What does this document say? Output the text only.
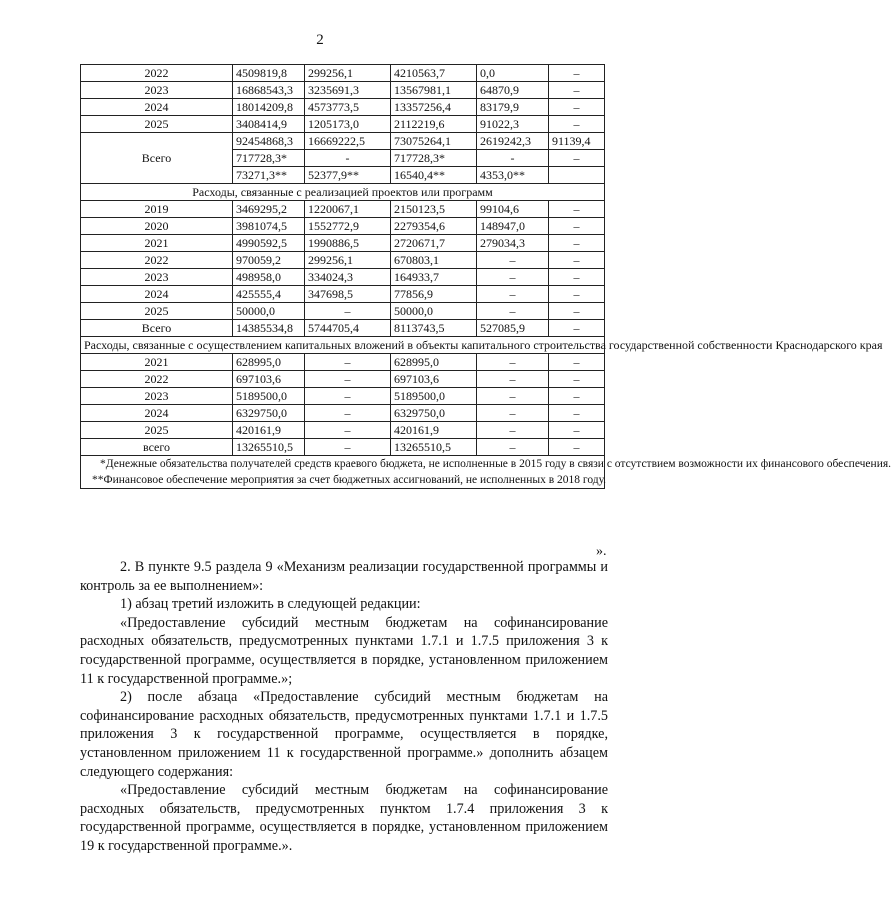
2
2022	4509819,8	299256,1	4210563,7	0,0	–
2023	16868543,3	3235691,3	13567981,1	64870,9	–
2024	18014209,8	4573773,5	13357256,4	83179,9	–
2025	3408414,9	1205173,0	2112219,6	91022,3	–
Всего	92454868,3	16669222,5	73075264,1	2619242,3	91139,4
	717728,3*	-	717728,3*	-	–
	73271,3**	52377,9**	16540,4**	4353,0**	
Расходы, связанные с реализацией проектов или программ					
2019	3469295,2	1220067,1	2150123,5	99104,6	–
2020	3981074,5	1552772,9	2279354,6	148947,0	–
2021	4990592,5	1990886,5	2720671,7	279034,3	–
2022	970059,2	299256,1	670803,1	–	–
2023	498958,0	334024,3	164933,7	–	–
2024	425555,4	347698,5	77856,9	–	–
2025	50000,0	–	50000,0	–	–
Всего	14385534,8	5744705,4	8113743,5	527085,9	–
Расходы, связанные с осуществлением капитальных вложений в объекты капитального строительства государственной собственности Краснодарского края					
2021	628995,0	–	628995,0	–	–
2022	697103,6	–	697103,6	–	–
2023	5189500,0	–	5189500,0	–	–
2024	6329750,0	–	6329750,0	–	–
2025	420161,9	–	420161,9	–	–
всего	13265510,5	–	13265510,5	–	–
*Денежные обязательства получателей средств краевого бюджета, не исполненные в 2015 году в связи с отсутствием возможности их финансового обеспечения.					
**Финансовое обеспечение мероприятия за счет бюджетных ассигнований, не исполненных в 2018 году.					
».

2. В пункте 9.5 раздела 9 «Механизм реализации государственной программы и контроль за ее выполнением»:

1) абзац третий изложить в следующей редакции:

«Предоставление субсидий местным бюджетам на софинансирование расходных обязательств, предусмотренных пунктами 1.7.1 и 1.7.5 приложения 3 к государственной программе, осуществляется в порядке, установленном приложением 11 к государственной программе.»;

2) после абзаца «Предоставление субсидий местным бюджетам на софинансирование расходных обязательств, предусмотренных пунктами 1.7.1 и 1.7.5 приложения 3 к государственной программе, осуществляется в порядке, установленном приложением 11 к государственной программе.» дополнить абзацем следующего содержания:

«Предоставление субсидий местным бюджетам на софинансирование расходных обязательств, предусмотренных пунктом 1.7.4 приложения 3 к государственной программе, осуществляется в порядке, установленном приложением 19 к государственной программе.».
